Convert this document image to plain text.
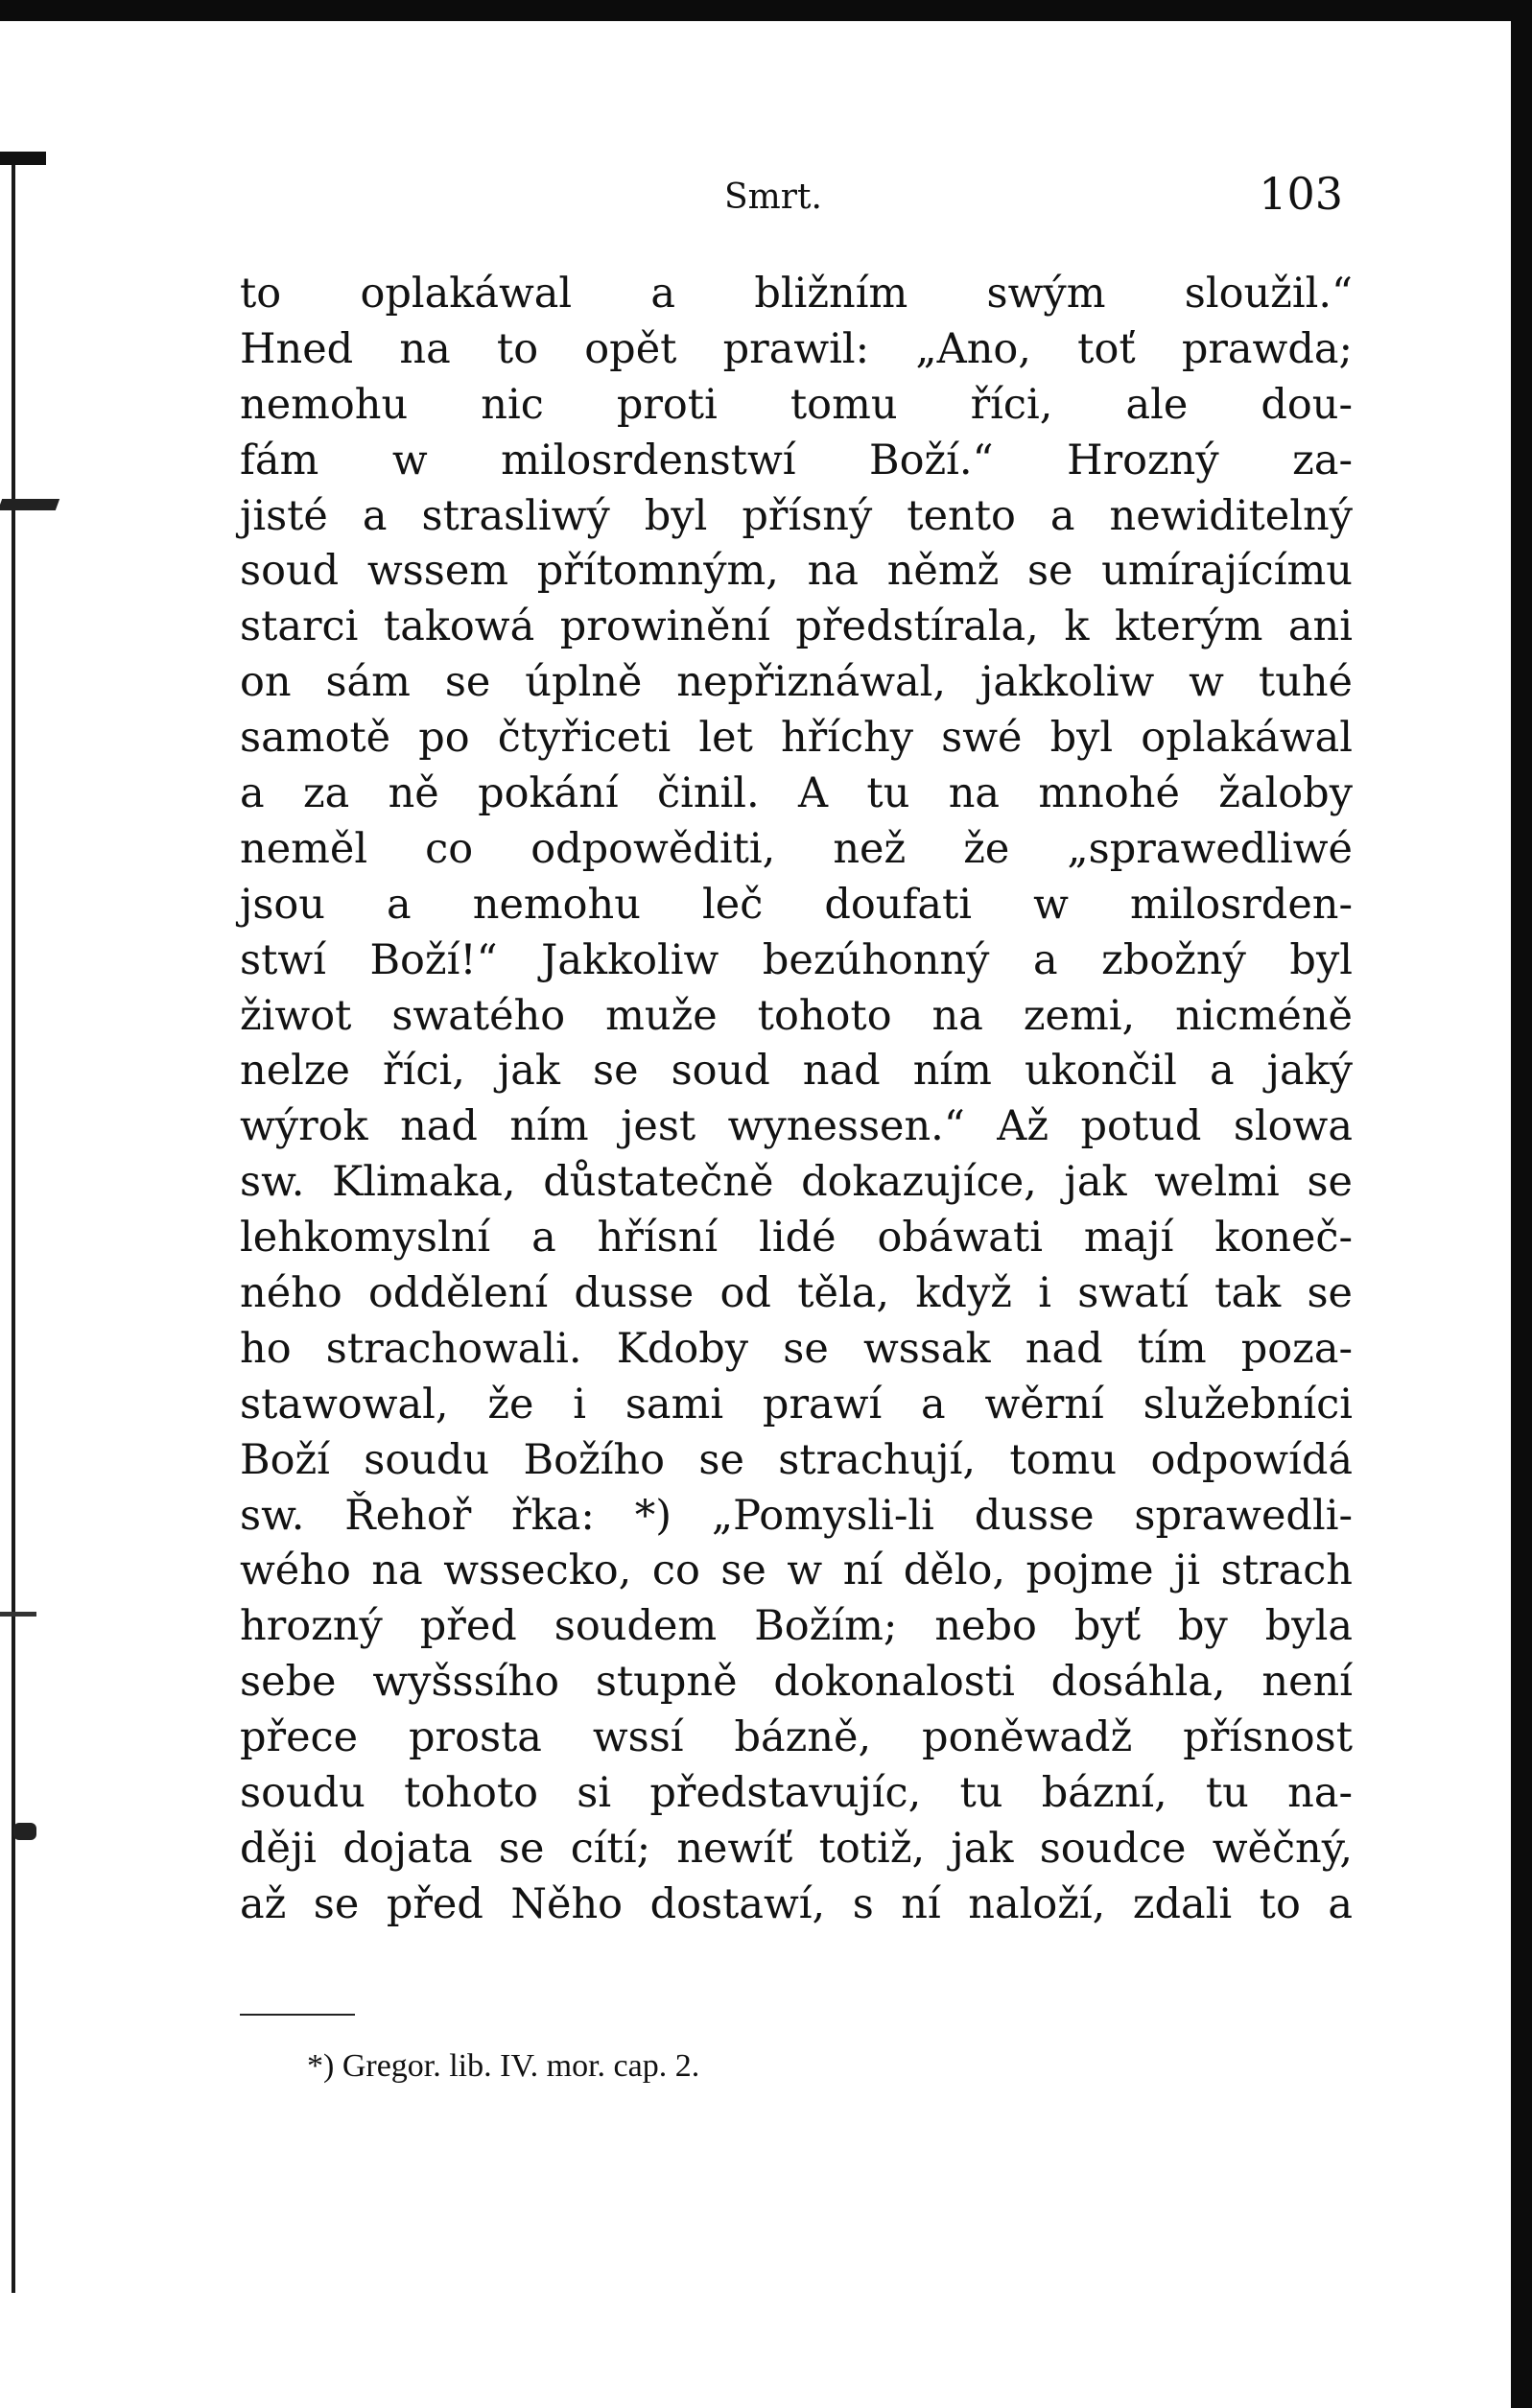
Smrt.	103
to oplakáwal a bližním swým sloužil.“
Hned na to opět prawil: „Ano, toť prawda;
nemohu nic proti tomu říci, ale dou-
fám w milosrdenstwí Boží.“ Hrozný za-
jisté a strasliwý byl přísný tento a newiditelný
soud wssem přítomným, na němž se umírajícímu
starci takowá prowinění předstírala, k kterým ani
on sám se úplně nepřiznáwal, jakkoliw w tuhé
samotě po čtyřiceti let hříchy swé byl oplakáwal
a za ně pokání činil. A tu na mnohé žaloby
neměl co odpowěditi, než že „sprawedliwé
jsou a nemohu leč doufati w milosrden-
stwí Boží!“ Jakkoliw bezúhonný a zbožný byl
žiwot swatého muže tohoto na zemi, nicméně
nelze říci, jak se soud nad ním ukončil a jaký
wýrok nad ním jest wynessen.“ Až potud slowa
sw. Klimaka, důstatečně dokazujíce, jak welmi se
lehkomyslní a hřísní lidé obáwati mají koneč-
ného oddělení dusse od těla, když i swatí tak se
ho strachowali. Kdoby se wssak nad tím poza-
stawowal, že i sami prawí a wěrní služebníci
Boží soudu Božího se strachují, tomu odpowídá
sw. Řehoř řka: *) „Pomysli-li dusse sprawedli-
wého na wssecko, co se w ní dělo, pojme ji strach
hrozný před soudem Božím; nebo byť by byla
sebe wyšssího stupně dokonalosti dosáhla, není
přece prosta wssí bázně, poněwadž přísnost
soudu tohoto si představujíc, tu bázní, tu na-
ději dojata se cítí; newíť totiž, jak soudce wěčný,
až se před Něho dostawí, s ní naloží, zdali to a
*) Gregor. lib. IV. mor. cap. 2.
